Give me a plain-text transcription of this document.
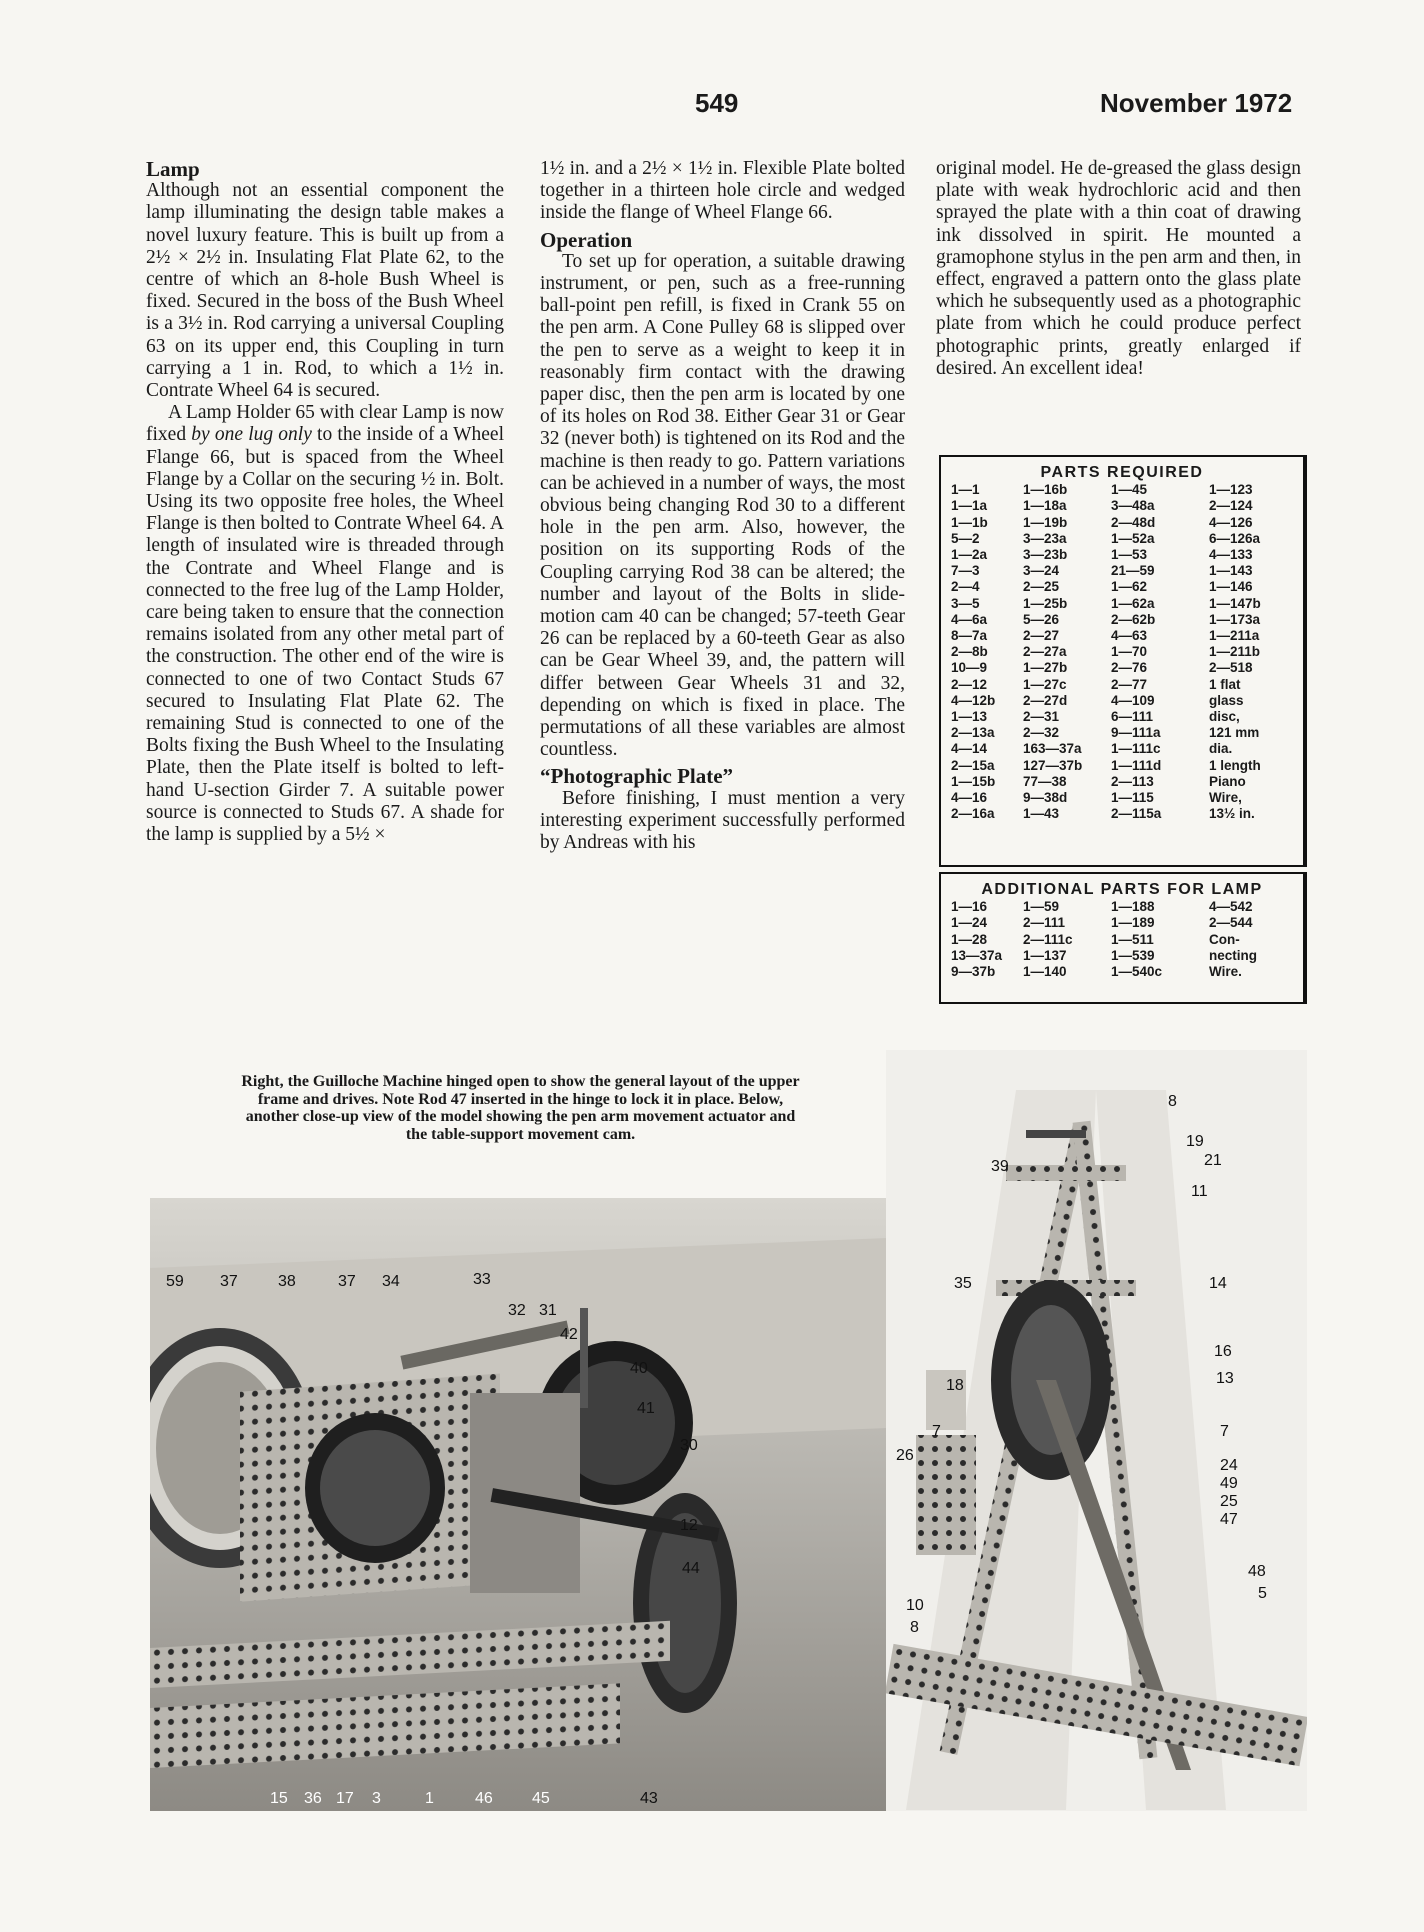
549	November 1972
Lamp

Although not an essential component the lamp illuminating the design table makes a novel luxury feature. This is built up from a 2½ × 2½ in. Insulating Flat Plate 62, to the centre of which an 8-hole Bush Wheel is fixed. Secured in the boss of the Bush Wheel is a 3½ in. Rod carrying a universal Coupling 63 on its upper end, this Coupling in turn carrying a 1 in. Rod, to which a 1½ in. Contrate Wheel 64 is secured.

A Lamp Holder 65 with clear Lamp is now fixed by one lug only to the inside of a Wheel Flange 66, but is spaced from the Wheel Flange by a Collar on the securing ½ in. Bolt. Using its two opposite free holes, the Wheel Flange is then bolted to Contrate Wheel 64. A length of insulated wire is threaded through the Contrate and Wheel Flange and is connected to the free lug of the Lamp Holder, care being taken to ensure that the connection remains isolated from any other metal part of the construction. The other end of the wire is connected to one of two Contact Studs 67 secured to Insulating Flat Plate 62. The remaining Stud is connected to one of the Bolts fixing the Bush Wheel to the Insulating Plate, then the Plate itself is bolted to left-hand U-section Girder 7. A suitable power source is connected to Studs 67. A shade for the lamp is supplied by a 5½ ×

1½ in. and a 2½ × 1½ in. Flexible Plate bolted together in a thirteen hole circle and wedged inside the flange of Wheel Flange 66.

Operation

To set up for operation, a suitable drawing instrument, or pen, such as a free-running ball-point pen refill, is fixed in Crank 55 on the pen arm. A Cone Pulley 68 is slipped over the pen to serve as a weight to keep it in reasonably firm contact with the drawing paper disc, then the pen arm is located by one of its holes on Rod 38. Either Gear 31 or Gear 32 (never both) is tightened on its Rod and the machine is then ready to go. Pattern variations can be achieved in a number of ways, the most obvious being changing Rod 30 to a different hole in the pen arm. Also, however, the position on its supporting Rods of the Coupling carrying Rod 38 can be altered; the number and layout of the Bolts in slide-motion cam 40 can be changed; 57-teeth Gear 26 can be replaced by a 60-teeth Gear as also can be Gear Wheel 39, and, the pattern will differ between Gear Wheels 31 and 32, depending on which is fixed in place. The permutations of all these variables are almost countless.

“Photographic Plate”

Before finishing, I must mention a very interesting experiment successfully performed by Andreas with his

original model. He de-greased the glass design plate with weak hydrochloric acid and then sprayed the plate with a thin coat of drawing ink dissolved in spirit. He mounted a gramophone stylus in the pen arm and then, in effect, engraved a pattern onto the glass plate which he subsequently used as a photographic plate from which he could produce perfect photographic prints, greatly enlarged if desired. An excellent idea!

PARTS REQUIRED
1—1	1—16b	1—45	1—123
1—1a	1—18a	3—48a	2—124
1—1b	1—19b	2—48d	4—126
5—2	3—23a	1—52a	6—126a
1—2a	3—23b	1—53	4—133
7—3	3—24	21—59	1—143
2—4	2—25	1—62	1—146
3—5	1—25b	1—62a	1—147b
4—6a	5—26	2—62b	1—173a
8—7a	2—27	4—63	1—211a
2—8b	2—27a	1—70	1—211b
10—9	1—27b	2—76	2—518
2—12	1—27c	2—77	1 flat
4—12b	2—27d	4—109	glass
1—13	2—31	6—111	disc,
2—13a	2—32	9—111a	121 mm
4—14	163—37a	1—111c	dia.
2—15a	127—37b	1—111d	1 length
1—15b	77—38	2—113	Piano
4—16	9—38d	1—115	Wire,
2—16a	1—43	2—115a	13½ in.
ADDITIONAL PARTS FOR LAMP
1—16	1—59	1—188	4—542
1—24	2—111	1—189	2—544
1—28	2—111c	1—511	Con-
13—37a	1—137	1—539	necting
9—37b	1—140	1—540c	Wire.
Right, the Guilloche Machine hinged open to show the general layout of the upper frame and drives. Note Rod 47 inserted in the hinge to lock it in place. Below, another close-up view of the model showing the pen arm movement actuator and the table-support movement cam.
59 37	38	37 34	33
32 31
42
40
41
30
12
44
15 36 17 3	1	46 45	43
8
19
21
11
39
35	14
16
13
18
7
26
7
24
49
25
47
48
5
10
8
